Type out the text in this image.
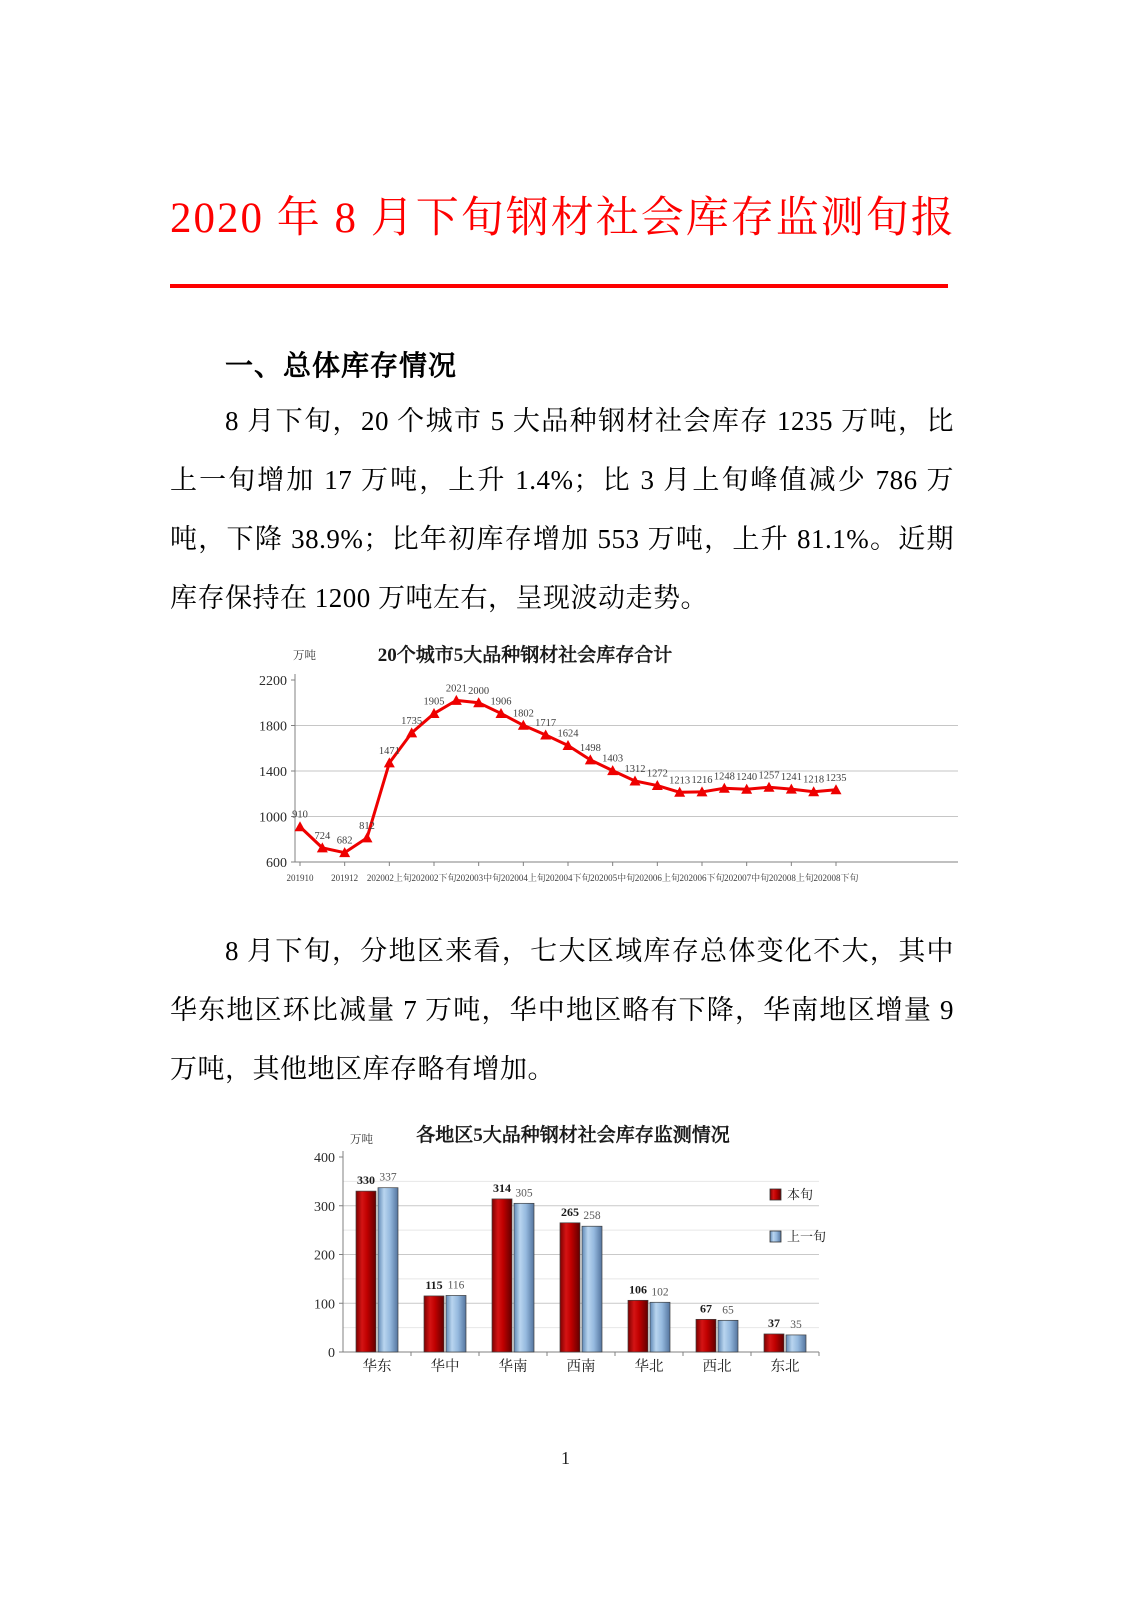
2020 年 8 月下旬钢材社会库存监测旬报
一、总体库存情况

8 月下旬，20 个城市 5 大品种钢材社会库存 1235 万吨，比上一旬增加 17 万吨，上升 1.4%；比 3 月上旬峰值减少 786 万吨，下降 38.9%；比年初库存增加 553 万吨，上升 81.1%。近期库存保持在 1200 万吨左右，呈现波动走势。

20个城市5大品种钢材社会库存合计
万吨
600
1000
1400
1800
2200
201910 201912 202002上旬 202002下旬 202003中旬 202004上旬 202004下旬 202005中旬 202006上旬 202006下旬 202007中旬 202008上旬 202008下旬
910
724 682
812
1471
1735
1905
2021 2000
1906
1802
1717
1624
1498
1403
1312 1272
1213 1216 1248 1240 1257 1241 1218 1235

8 月下旬，分地区来看，七大区域库存总体变化不大，其中华东地区环比减量 7 万吨，华中地区略有下降，华南地区增量 9 万吨，其他地区库存略有增加。

各地区5大品种钢材社会库存监测情况
万吨
0
100
200
300
400
华东
330 337
华中
115 116
华南
314 305
西南
265 258
华北
106 102
西北
67 65
东北
37 35
本旬
上一旬
1
